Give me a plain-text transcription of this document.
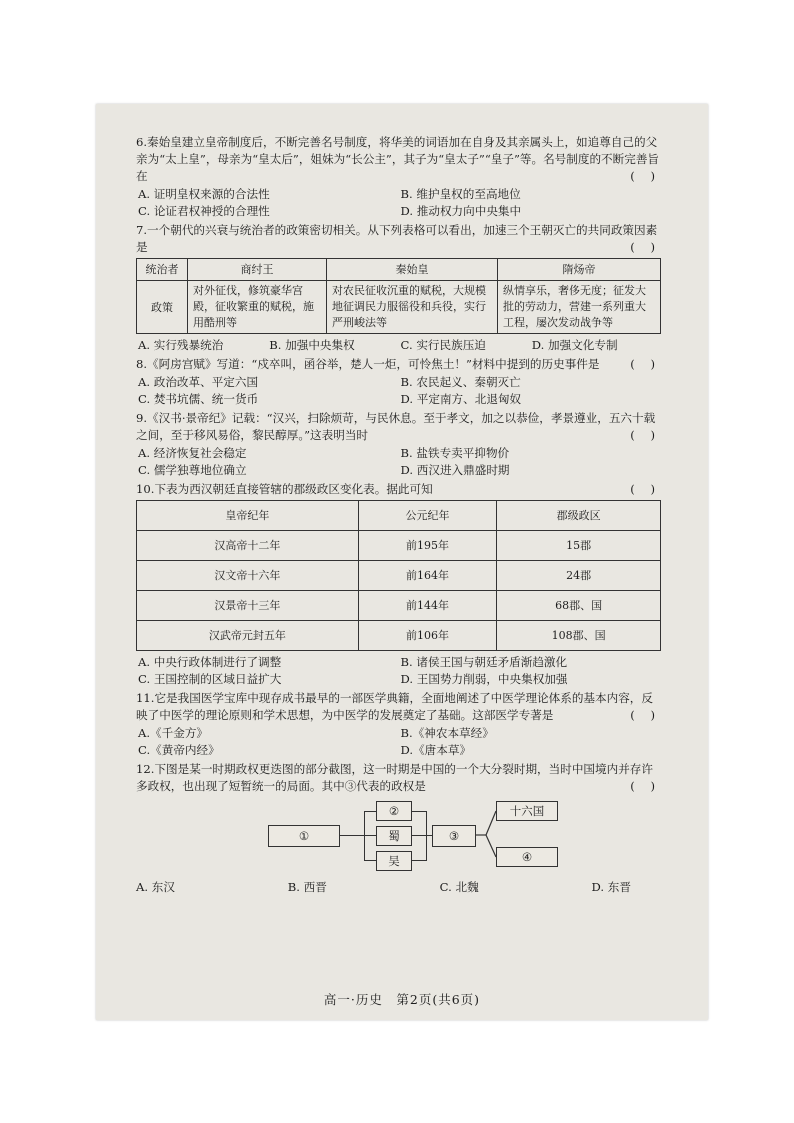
6.秦始皇建立皇帝制度后，不断完善名号制度，将华美的词语加在自身及其亲属头上，如追尊自己的父亲为“太上皇”，母亲为“皇太后”，姐妹为“长公主”，其子为“皇太子”“皇子”等。名号制度的不断完善旨在	( )
A. 证明皇权来源的合法性	B. 维护皇权的至高地位
C. 论证君权神授的合理性	D. 推动权力向中央集中
7.一个朝代的兴衰与统治者的政策密切相关。从下列表格可以看出，加速三个王朝灭亡的共同政策因素是	( )
统治者	商纣王	秦始皇	隋炀帝
政策	对外征伐，修筑豪华宫殿，征收繁重的赋税，施用酷刑等	对农民征收沉重的赋税，大规模地征调民力服徭役和兵役，实行严刑峻法等	纵情享乐，奢侈无度；征发大批的劳动力，营建一系列重大工程，屡次发动战争等
A. 实行残暴统治	B. 加强中央集权	C. 实行民族压迫	D. 加强文化专制
8.《阿房宫赋》写道：“戍卒叫，函谷举，楚人一炬，可怜焦土！”材料中提到的历史事件是	( )
A. 政治改革、平定六国	B. 农民起义、秦朝灭亡
C. 焚书坑儒、统一货币	D. 平定南方、北退匈奴
9.《汉书·景帝纪》记载：“汉兴，扫除烦苛，与民休息。至于孝文，加之以恭俭，孝景遵业，五六十载之间，至于移风易俗，黎民醇厚。”这表明当时	( )
A. 经济恢复社会稳定	B. 盐铁专卖平抑物价
C. 儒学独尊地位确立	D. 西汉进入鼎盛时期
10.下表为西汉朝廷直接管辖的郡级政区变化表。据此可知	( )
皇帝纪年	公元纪年	郡级政区
汉高帝十二年	前195年	15郡
汉文帝十六年	前164年	24郡
汉景帝十三年	前144年	68郡、国
汉武帝元封五年	前106年	108郡、国
A. 中央行政体制进行了调整	B. 诸侯王国与朝廷矛盾渐趋激化
C. 王国控制的区域日益扩大	D. 王国势力削弱，中央集权加强
11.它是我国医学宝库中现存成书最早的一部医学典籍，全面地阐述了中医学理论体系的基本内容，反映了中医学的理论原则和学术思想，为中医学的发展奠定了基础。这部医学专著是	( )
A.《千金方》	B.《神农本草经》
C.《黄帝内经》	D.《唐本草》
12.下图是某一时期政权更迭图的部分截图，这一时期是中国的一个大分裂时期，当时中国境内并存许多政权，也出现了短暂统一的局面。其中③代表的政权是	( )
①
②
蜀
吴
③
十六国
④
A. 东汉	B. 西晋	C. 北魏	D. 东晋
高一·历史　第2页(共6页)
